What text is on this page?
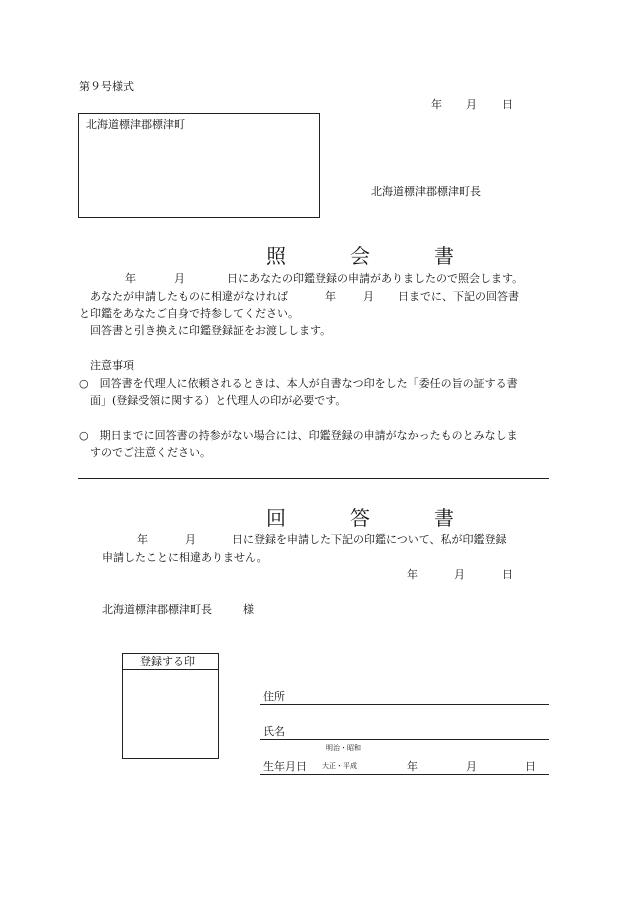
第９号様式
年 月 日
北海道標津郡標津町
北海道標津郡標津町長
照　会　書
年	月	日にあなたの印鑑登録の申請がありましたので照会します。
あなたが申請したものに相違がなければ	年 月 日までに、下記の回答書
と印鑑をあなたご自身で持参してください。
回答書と引き換えに印鑑登録証をお渡しします。
注意事項
○　回答書を代理人に依頼されるときは、本人が自書なつ印をした「委任の旨の証する書
面」(登録受領に関する）と代理人の印が必要です。
○　期日までに回答書の持参がない場合には、印鑑登録の申請がなかったものとみなしま
すのでご注意ください。
回　答　書
年	月	日に登録を申請した下記の印鑑について、私が印鑑登録
申請したことに相違ありません。
年	月	日
北海道標津郡標津町長	様
登録する印
住所
氏名
明治・昭和
生年月日 大正・平成	年	月	日
